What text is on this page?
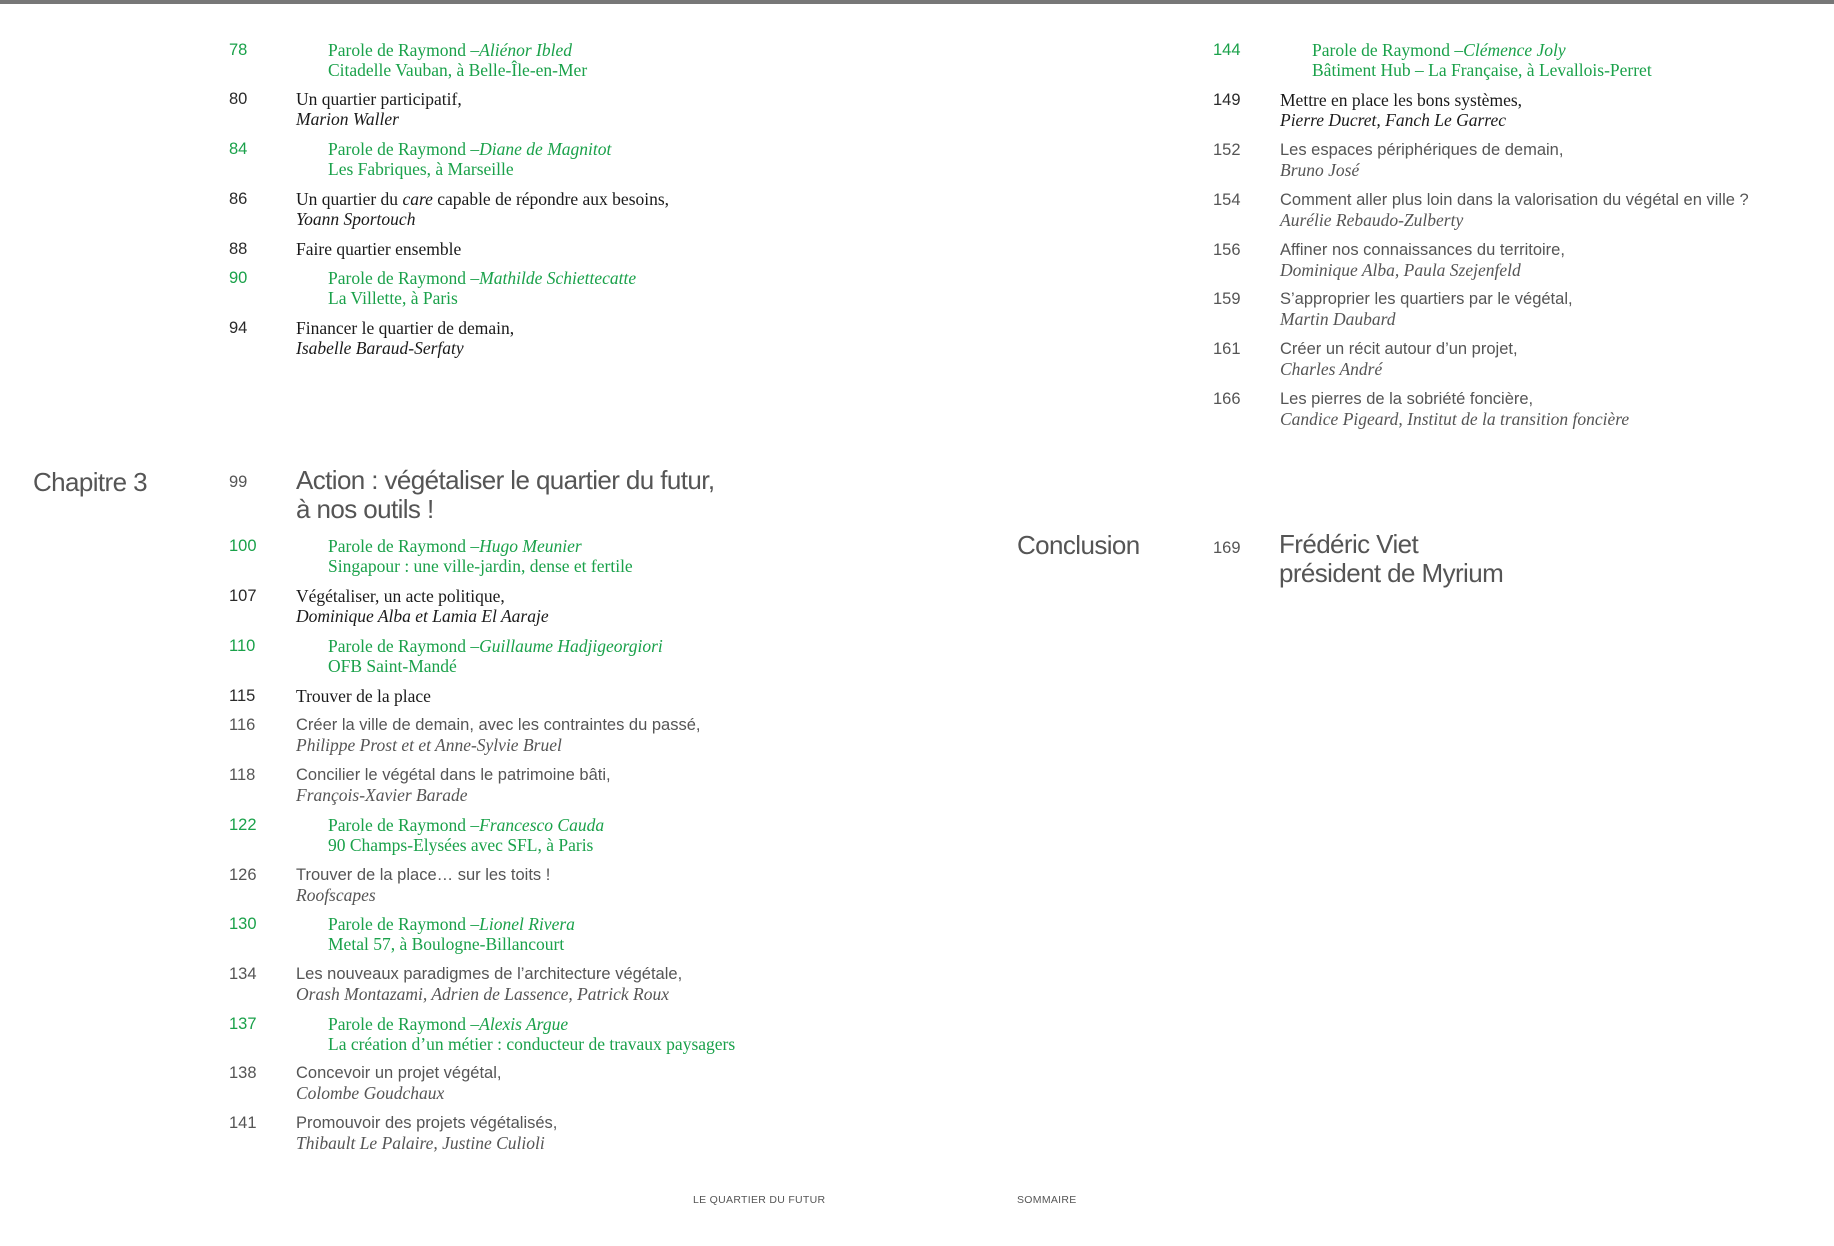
78	Parole de Raymond –Aliénor Ibled
Citadelle Vauban, à Belle-Île-en-Mer
80	Un quartier participatif,
Marion Waller
84	Parole de Raymond –Diane de Magnitot
Les Fabriques, à Marseille
86	Un quartier du care capable de répondre aux besoins,
Yoann Sportouch
88	Faire quartier ensemble
90	Parole de Raymond –Mathilde Schiettecatte
La Villette, à Paris
94	Financer le quartier de demain,
Isabelle Baraud-Serfaty
100	Parole de Raymond –Hugo Meunier
Singapour : une ville-jardin, dense et fertile
107 Végétaliser, un acte politique,
Dominique Alba et Lamia El Aaraje
110	Parole de Raymond –Guillaume Hadjigeorgiori
OFB Saint-Mandé
115 Trouver de la place
116 Créer la ville de demain, avec les contraintes du passé,
Philippe Prost et et Anne-Sylvie Bruel
118 Concilier le végétal dans le patrimoine bâti,
François-Xavier Barade
122	Parole de Raymond –Francesco Cauda
90 Champs-Elysées avec SFL, à Paris
126 Trouver de la place… sur les toits !
Roofscapes
130	Parole de Raymond –Lionel Rivera
Metal 57, à Boulogne-Billancourt
134 Les nouveaux paradigmes de l’architecture végétale,
Orash Montazami, Adrien de Lassence, Patrick Roux
137	Parole de Raymond –Alexis Argue
La création d’un métier : conducteur de travaux paysagers
138 Concevoir un projet végétal,
Colombe Goudchaux
141 Promouvoir des projets végétalisés,
Thibault Le Palaire, Justine Culioli
Chapitre 3	99 Action : végétaliser le quartier du futur,
à nos outils !
LE QUARTIER DU FUTUR
144	Parole de Raymond –Clémence Joly
Bâtiment Hub – La Française, à Levallois-Perret
149 Mettre en place les bons systèmes,
Pierre Ducret, Fanch Le Garrec
152 Les espaces périphériques de demain,
Bruno José
154 Comment aller plus loin dans la valorisation du végétal en ville ?
Aurélie Rebaudo-Zulberty
156 Affiner nos connaissances du territoire,
Dominique Alba, Paula Szejenfeld
159 S’approprier les quartiers par le végétal,
Martin Daubard
161 Créer un récit autour d’un projet,
Charles André
166 Les pierres de la sobriété foncière,
Candice Pigeard, Institut de la transition foncière
Conclusion	169 Frédéric Viet
président de Myrium
SOMMAIRE
